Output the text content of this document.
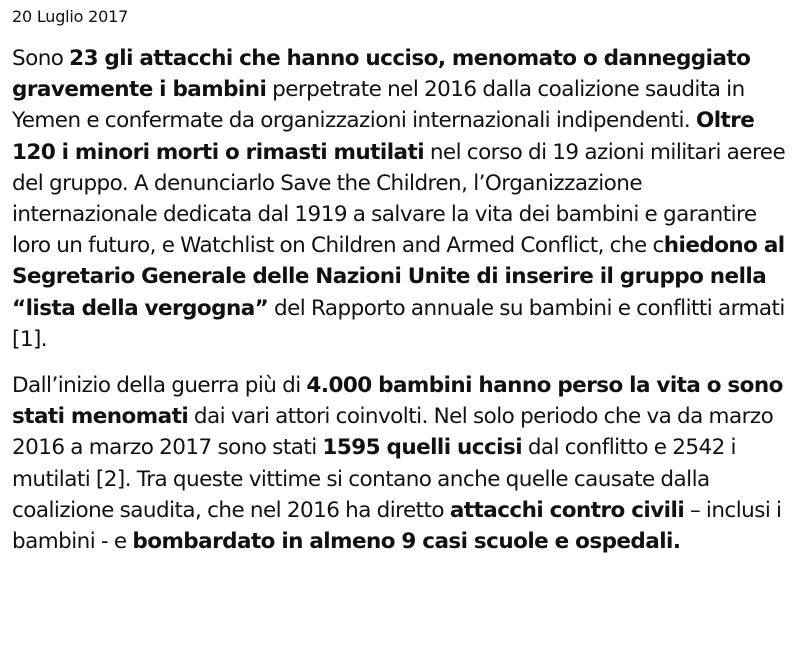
20 Luglio 2017

Sono 23 gli attacchi che hanno ucciso, menomato o danneggiato gravemente i bambini perpetrate nel 2016 dalla coalizione saudita in Yemen e confermate da organizzazioni internazionali indipendenti. Oltre 120 i minori morti o rimasti mutilati nel corso di 19 azioni militari aeree del gruppo. A denunciarlo Save the Children, l’Organizzazione internazionale dedicata dal 1919 a salvare la vita dei bambini e garantire loro un futuro, e Watchlist on Children and Armed Conflict, che chiedono al Segretario Generale delle Nazioni Unite di inserire il gruppo nella “lista della vergogna” del Rapporto annuale su bambini e conflitti armati [1].

Dall’inizio della guerra più di 4.000 bambini hanno perso la vita o sono stati menomati dai vari attori coinvolti. Nel solo periodo che va da marzo 2016 a marzo 2017 sono stati 1595 quelli uccisi dal conflitto e 2542 i mutilati [2]. Tra queste vittime si contano anche quelle causate dalla coalizione saudita, che nel 2016 ha diretto attacchi contro civili – inclusi i bambini - e bombardato in almeno 9 casi scuole e ospedali.
